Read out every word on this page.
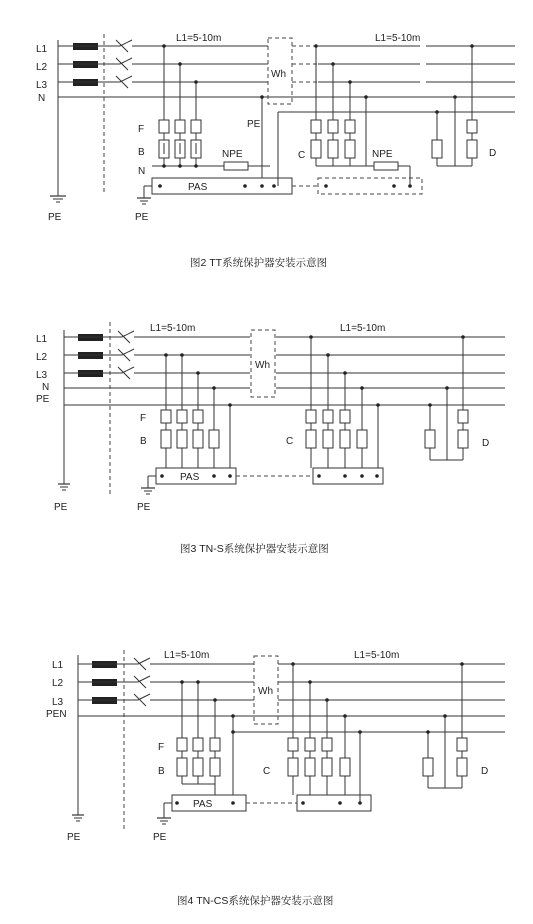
L1
L2
L3
N
L1=5-10m	L1=5-10m
Wh
F
B
N
NPE
PAS
PE
PE	PE
C	NPE	D
图2 TT系统保护器安装示意图
L1
L2
L3
N
PE
L1=5-10m	L1=5-10m
Wh
F
B
PAS
PE	PE
C	D
图3 TN-S系统保护器安装示意图
L1
L2
L3
PEN
L1=5-10m	L1=5-10m
Wh
F
B
PAS
PE	PE
C	D
图4 TN-CS系统保护器安装示意图
